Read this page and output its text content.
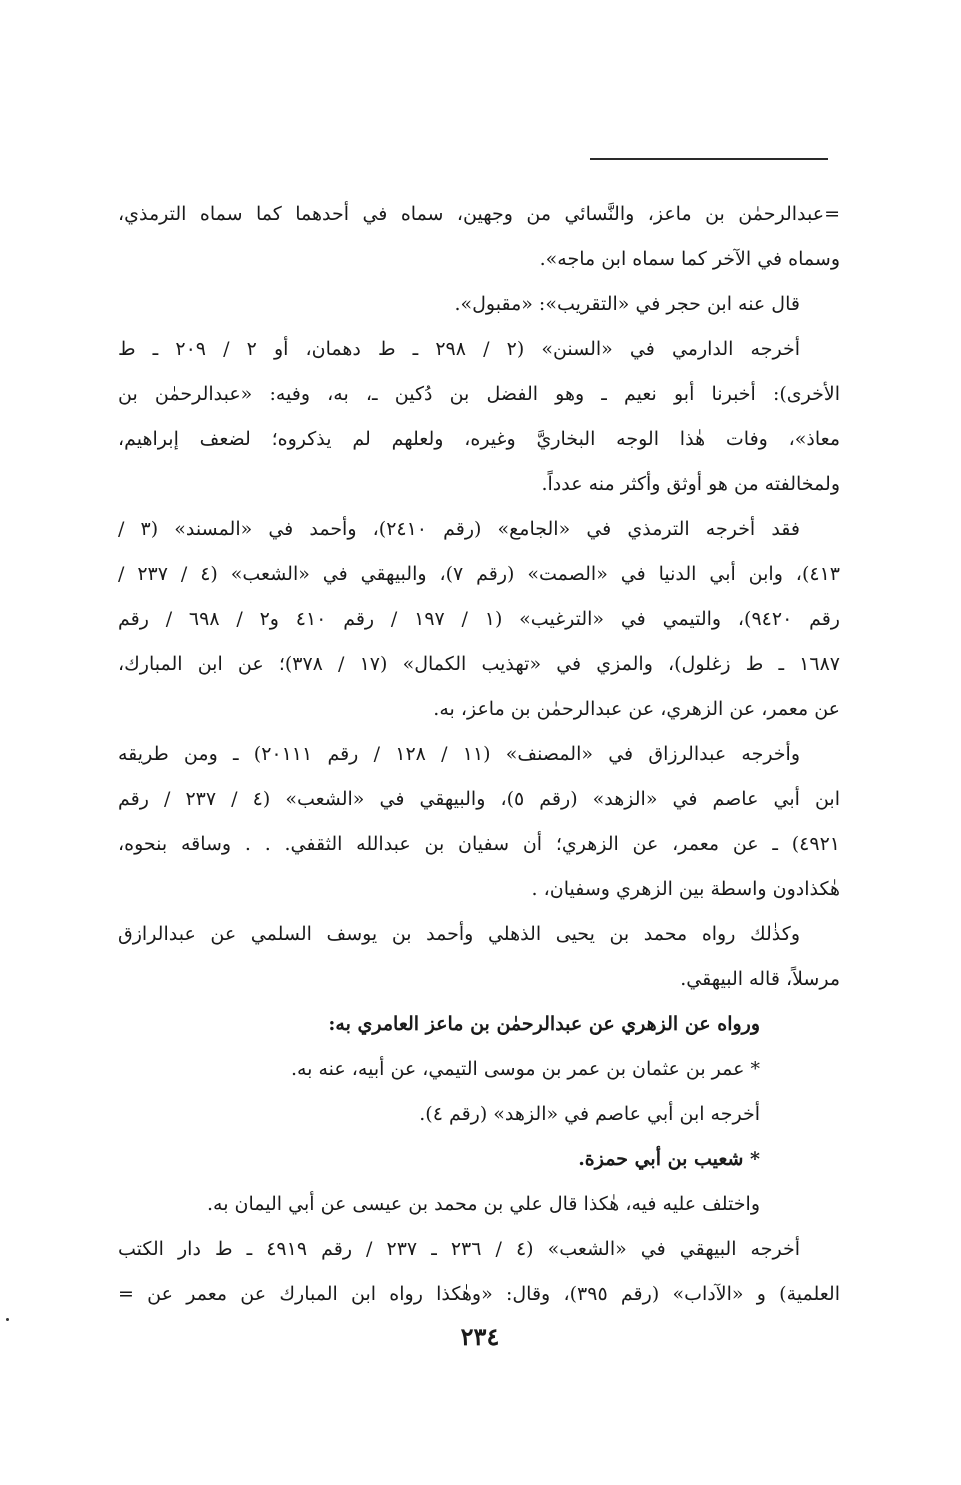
=عبدالرحمٰن بن ماعز، والنَّسائي من وجهين، سماه في أحدهما كما سماه الترمذي،
وسماه في الآخر كما سماه ابن ماجه».
قال عنه ابن حجر في «التقريب»: «مقبول».
أخرجه الدارمي في «السنن» (٢ / ٢٩٨ ـ ط دهمان، أو ٢ / ٢٠٩ ـ ط
الأخرى): أخبرنا أبو نعيم ـ وهو الفضل بن دُكين ـ، به، وفيه: «عبدالرحمٰن بن
معاذ»، وفات هٰذا الوجه البخاريَّ وغيره، ولعلهم لم يذكروه؛ لضعف إبراهيم،
ولمخالفته من هو أوثق وأكثر منه عدداً.
فقد أخرجه الترمذي في «الجامع» (رقم ٢٤١٠)، وأحمد في «المسند» (٣ /
٤١٣)، وابن أبي الدنيا في «الصمت» (رقم ٧)، والبيهقي في «الشعب» (٤ / ٢٣٧ /
رقم ٩٤٢٠)، والتيمي في «الترغيب» (١ / ١٩٧ / رقم ٤١٠ و٢ / ٦٩٨ / رقم
١٦٨٧ ـ ط زغلول)، والمزي في «تهذيب الكمال» (١٧ / ٣٧٨)؛ عن ابن المبارك،
عن معمر، عن الزهري، عن عبدالرحمٰن بن ماعز، به.
وأخرجه عبدالرزاق في «المصنف» (١١ / ١٢٨ / رقم ٢٠١١١) ـ ومن طريقه
ابن أبي عاصم في «الزهد» (رقم ٥)، والبيهقي في «الشعب» (٤ / ٢٣٧ / رقم
٤٩٢١) ـ عن معمر، عن الزهري؛ أن سفيان بن عبدالله الثقفي. . . وساقه بنحوه،
هٰكذادون واسطة بين الزهري وسفيان، .
وكذٰلك رواه محمد بن يحيى الذهلي وأحمد بن يوسف السلمي عن عبدالرازق
مرسلاً، قاله البيهقي.
ورواه عن الزهري عن عبدالرحمٰن بن ماعز العامري به:
* عمر بن عثمان بن عمر بن موسى التيمي، عن أبيه، عنه به.
أخرجه ابن أبي عاصم في «الزهد» (رقم ٤).
* شعيب بن أبي حمزة.
واختلف عليه فيه، هٰكذا قال علي بن محمد بن عيسى عن أبي اليمان به.
أخرجه البيهقي في «الشعب» (٤ / ٢٣٦ ـ ٢٣٧ / رقم ٤٩١٩ ـ ط دار الكتب
العلمية) و «الآداب» (رقم ٣٩٥)، وقال: «وهٰكذا رواه ابن المبارك عن معمر عن =
٢٣٤
